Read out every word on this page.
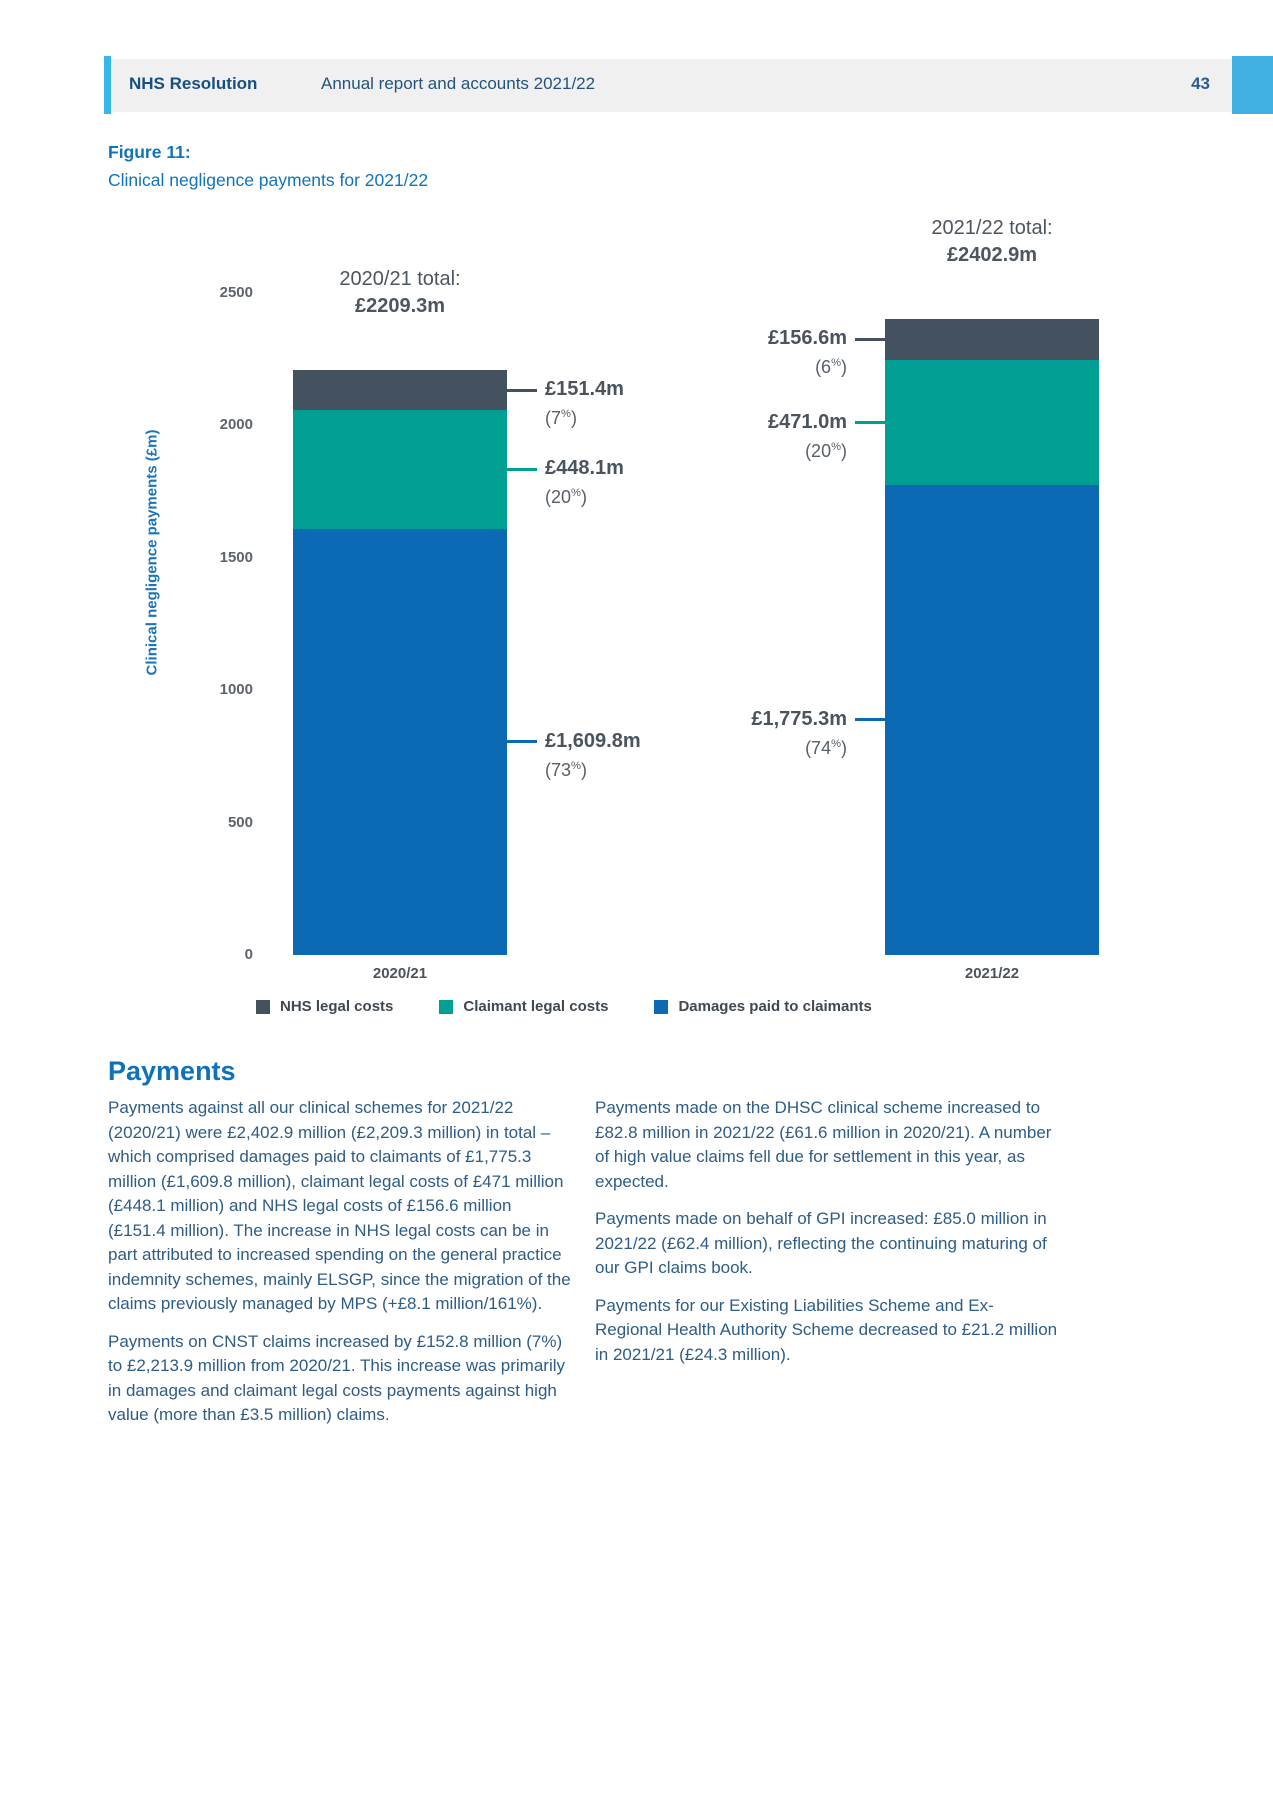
NHS Resolution	Annual report and accounts 2021/22	43
Figure 11:
Clinical negligence payments for 2021/22
2500
2000
1500
1000
500
0
Clinical negligence payments (£m)
2020/21 total:
£2209.3m
£151.4m
(7%)
£448.1m
(20%)
£1,609.8m
(73%)
2020/21
2021/22 total:
£2402.9m
£156.6m
(6%)
£471.0m
(20%)
£1,775.3m
(74%)
2021/22
NHS legal costs	Claimant legal costs	Damages paid to claimants
Payments

Payments against all our clinical schemes for 2021/22 (2020/21) were £2,402.9 million (£2,209.3 million) in total – which comprised damages paid to claimants of £1,775.3 million (£1,609.8 million), claimant legal costs of £471 million (£448.1 million) and NHS legal costs of £156.6 million (£151.4 million). The increase in NHS legal costs can be in part attributed to increased spending on the general practice indemnity schemes, mainly ELSGP, since the migration of the claims previously managed by MPS (+£8.1 million/161%).

Payments on CNST claims increased by £152.8 million (7%) to £2,213.9 million from 2020/21. This increase was primarily in damages and claimant legal costs payments against high value (more than £3.5 million) claims.

Payments made on the DHSC clinical scheme increased to £82.8 million in 2021/22 (£61.6 million in 2020/21). A number of high value claims fell due for settlement in this year, as expected.

Payments made on behalf of GPI increased: £85.0 million in 2021/22 (£62.4 million), reflecting the continuing maturing of our GPI claims book.

Payments for our Existing Liabilities Scheme and Ex-Regional Health Authority Scheme decreased to £21.2 million in 2021/21 (£24.3 million).
